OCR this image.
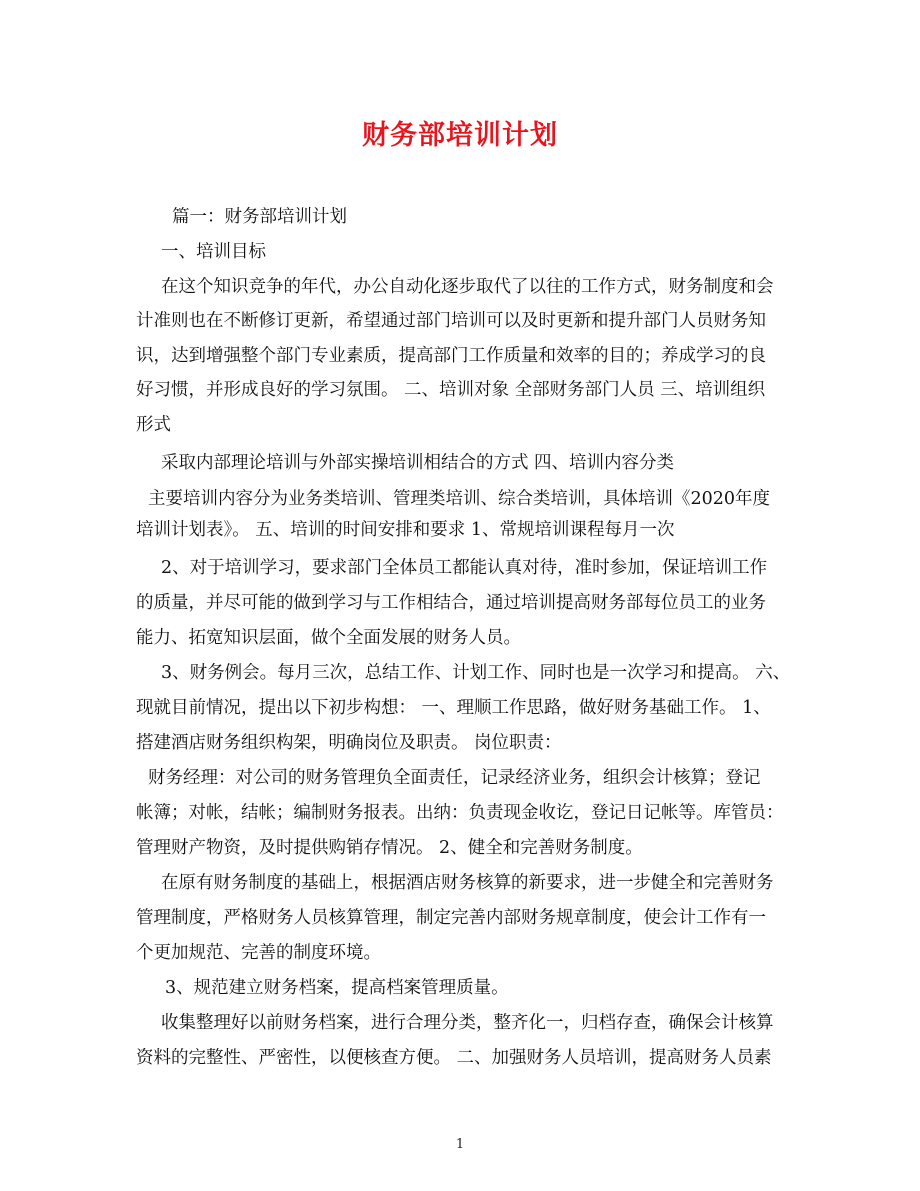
财务部培训计划
篇一：财务部培训计划
一、培训目标
在这个知识竞争的年代，办公自动化逐步取代了以往的工作方式，财务制度和会
计准则也在不断修订更新，希望通过部门培训可以及时更新和提升部门人员财务知
识，达到增强整个部门专业素质，提高部门工作质量和效率的目的；养成学习的良
好习惯，并形成良好的学习氛围。 二、培训对象 全部财务部门人员 三、培训组织
形式
采取内部理论培训与外部实操培训相结合的方式 四、培训内容分类
主要培训内容分为业务类培训、管理类培训、综合类培训，具体培训《2020年度
培训计划表》。 五、培训的时间安排和要求 1、常规培训课程每月一次
2、对于培训学习，要求部门全体员工都能认真对待，准时参加，保证培训工作
的质量，并尽可能的做到学习与工作相结合，通过培训提高财务部每位员工的业务
能力、拓宽知识层面，做个全面发展的财务人员。
3、财务例会。每月三次，总结工作、计划工作、同时也是一次学习和提高。 六、
现就目前情况，提出以下初步构想： 一、理顺工作思路，做好财务基础工作。 1、
搭建酒店财务组织构架，明确岗位及职责。 岗位职责：
财务经理：对公司的财务管理负全面责任，记录经济业务，组织会计核算；登记
帐簿；对帐，结帐；编制财务报表。出纳：负责现金收讫，登记日记帐等。库管员：
管理财产物资，及时提供购销存情况。 2、健全和完善财务制度。
在原有财务制度的基础上，根据酒店财务核算的新要求，进一步健全和完善财务
管理制度，严格财务人员核算管理，制定完善内部财务规章制度，使会计工作有一
个更加规范、完善的制度环境。
3、规范建立财务档案，提高档案管理质量。
收集整理好以前财务档案，进行合理分类，整齐化一，归档存查，确保会计核算
资料的完整性、严密性，以便核查方便。 二、加强财务人员培训，提高财务人员素
1
